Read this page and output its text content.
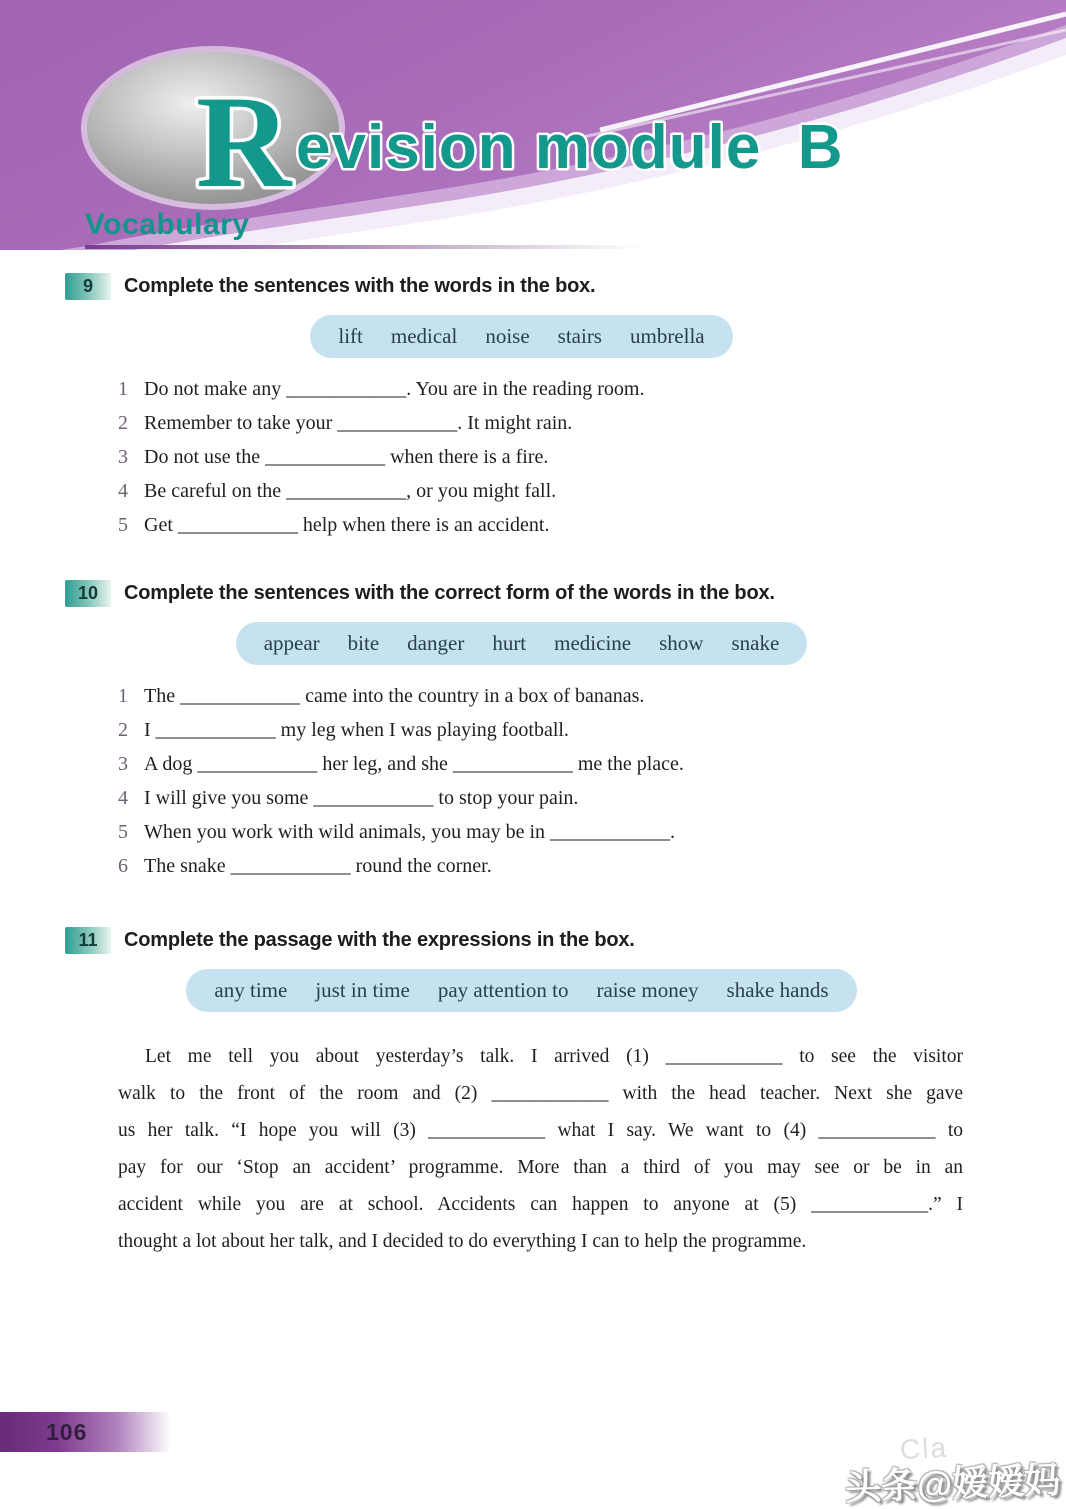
R evision module  B
Vocabulary
9	Complete the sentences with the words in the box.
lift medical noise stairs umbrella
1 Do not make any ____________. You are in the reading room.
2 Remember to take your ____________. It might rain.
3 Do not use the ____________ when there is a fire.
4 Be careful on the ____________, or you might fall.
5 Get ____________ help when there is an accident.
10	Complete the sentences with the correct form of the words in the box.
appear bite danger hurt medicine show snake
1 The ____________ came into the country in a box of bananas.
2 I ____________ my leg when I was playing football.
3 A dog ____________ her leg, and she ____________ me the place.
4 I will give you some ____________ to stop your pain.
5 When you work with wild animals, you may be in ____________.
6 The snake ____________ round the corner.
11	Complete the passage with the expressions in the box.
any time just in time pay attention to raise money shake hands
Let me tell you about yesterday’s talk. I arrived (1) ____________ to see the visitor
walk to the front of the room and (2) ____________ with the head teacher. Next she gave
us her talk. “I hope you will (3) ____________ what I say. We want to (4) ____________ to
pay for our ‘Stop an accident’ programme. More than a third of you may see or be in an
accident while you are at school. Accidents can happen to anyone at (5) ____________.” I
thought a lot about her talk, and I decided to do everything I can to help the programme.
106	Cla
头条@嫒嫒妈
